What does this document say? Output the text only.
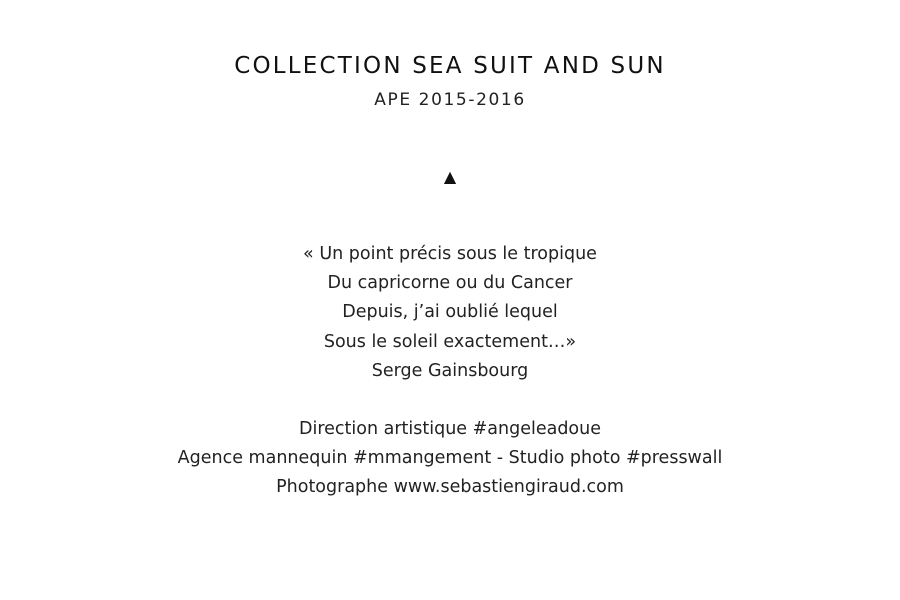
COLLECTION SEA SUIT AND SUN
APE 2015-2016
▲
« Un point précis sous le tropique
Du capricorne ou du Cancer
Depuis, j’ai oublié lequel
Sous le soleil exactement…»
Serge Gainsbourg
Direction artistique #angeleadoue
Agence mannequin #mmangement - Studio photo #presswall
Photographe www.sebastiengiraud.com
